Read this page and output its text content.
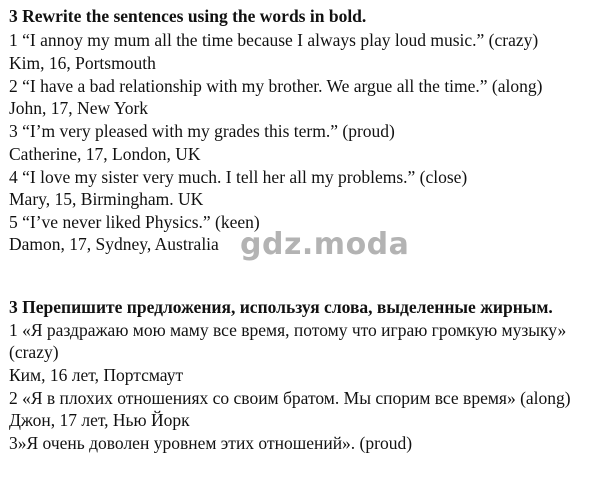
3 Rewrite the sentences using the words in bold.

1 “I annoy my mum all the time because I always play loud music.” (crazy)

Kim, 16, Portsmouth

2 “I have a bad relationship with my brother. We argue all the time.” (along)

John, 17, New York

3 “I’m very pleased with my grades this term.” (proud)

Catherine, 17, London, UK

4 “I love my sister very much. I tell her all my problems.” (close)

Mary, 15, Birmingham. UK

5 “I’ve never liked Physics.” (keen)

Damon, 17, Sydney, Australia gdz.moda

3 Перепишите предложения, используя слова, выделенные жирным.

1 «Я раздражаю мою маму все время, потому что играю громкую музыку»

(crazy)

Ким, 16 лет, Портсмаут

2 «Я в плохих отношениях со своим братом. Мы спорим все время» (along)

Джон, 17 лет, Нью Йорк

3»Я очень доволен уровнем этих отношений». (proud)
